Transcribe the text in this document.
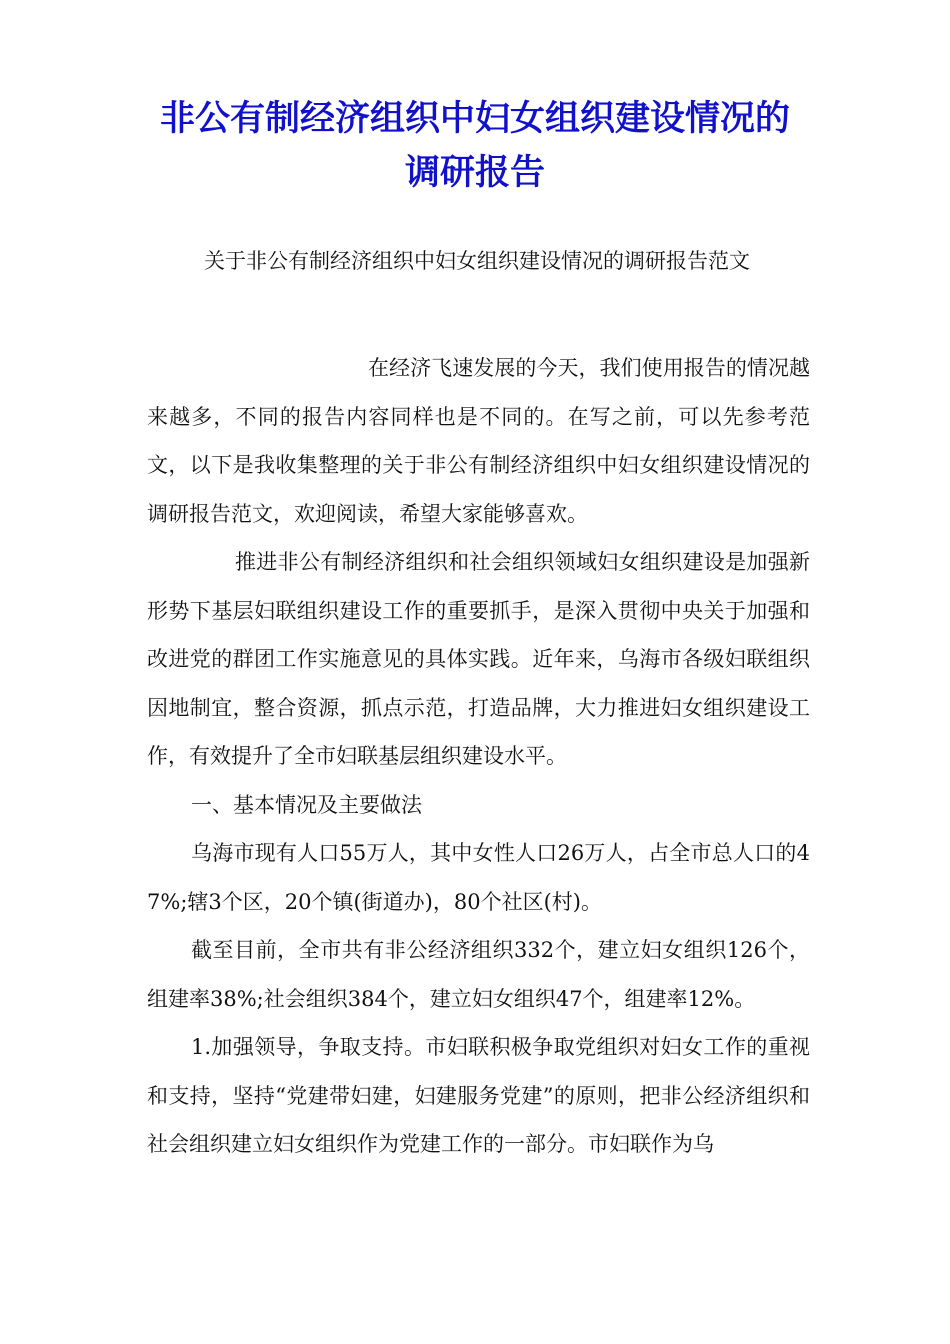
非公有制经济组织中妇女组织建设情况的
调研报告

关于非公有制经济组织中妇女组织建设情况的调研报告范文

在经济飞速发展的今天，我们使用报告的情况越来越多，不同的报告内容同样也是不同的。在写之前，可以先参考范文，以下是我收集整理的关于非公有制经济组织中妇女组织建设情况的调研报告范文，欢迎阅读，希望大家能够喜欢。

推进非公有制经济组织和社会组织领域妇女组织建设是加强新形势下基层妇联组织建设工作的重要抓手，是深入贯彻中央关于加强和改进党的群团工作实施意见的具体实践。近年来，乌海市各级妇联组织因地制宜，整合资源，抓点示范，打造品牌，大力推进妇女组织建设工作，有效提升了全市妇联基层组织建设水平。

一、基本情况及主要做法

乌海市现有人口55万人，其中女性人口26万人，占全市总人口的47%;辖3个区，20个镇(街道办)，80个社区(村)。

截至目前，全市共有非公经济组织332个，建立妇女组织126个，组建率38%;社会组织384个，建立妇女组织47个，组建率12%。

1.加强领导，争取支持。市妇联积极争取党组织对妇女工作的重视和支持，坚持“党建带妇建，妇建服务党建”的原则，把非公经济组织和社会组织建立妇女组织作为党建工作的一部分。市妇联作为乌
